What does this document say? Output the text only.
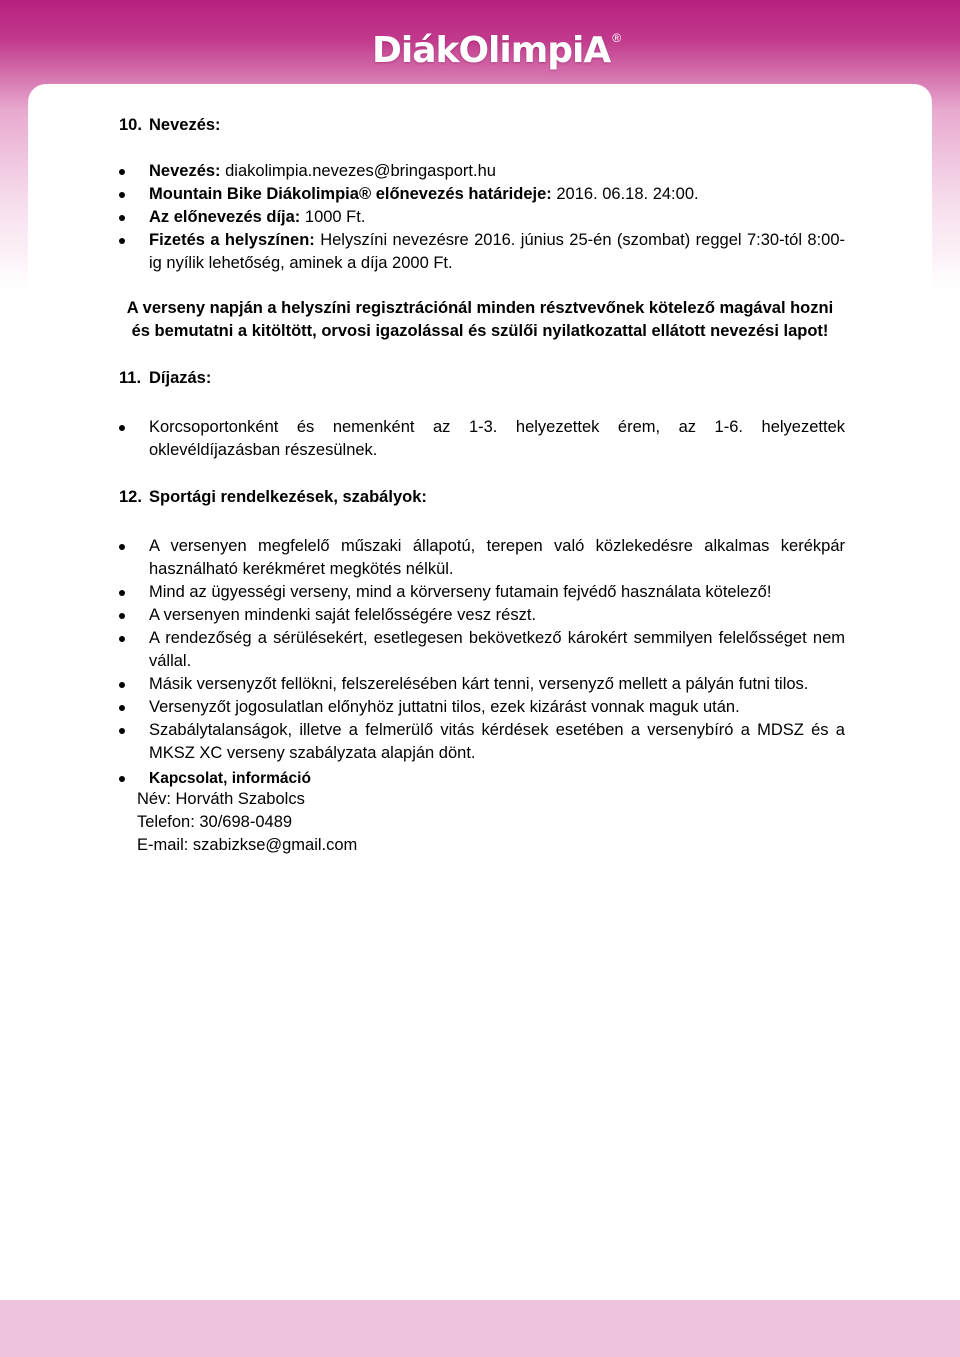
DiákOlimpiA ®
10. Nevezés:
Nevezés: diakolimpia.nevezes@bringasport.hu
Mountain Bike Diákolimpia® előnevezés határideje: 2016. 06.18. 24:00.
Az előnevezés díja: 1000 Ft.
Fizetés a helyszínen: Helyszíni nevezésre 2016. június 25-én (szombat) reggel 7:30-tól 8:00-ig nyílik lehetőség, aminek a díja 2000 Ft.
A verseny napján a helyszíni regisztrációnál minden résztvevőnek kötelező magával hozni és bemutatni a kitöltött, orvosi igazolással és szülői nyilatkozattal ellátott nevezési lapot!
11. Díjazás:
Korcsoportonként és nemenként az 1-3. helyezettek érem, az 1-6. helyezettek oklevéldíjazásban részesülnek.
12. Sportági rendelkezések, szabályok:
A versenyen megfelelő műszaki állapotú, terepen való közlekedésre alkalmas kerékpár használható kerékméret megkötés nélkül.
Mind az ügyességi verseny, mind a körverseny futamain fejvédő használata kötelező!
A versenyen mindenki saját felelősségére vesz részt.
A rendezőség a sérülésekért, esetlegesen bekövetkező károkért semmilyen felelősséget nem vállal.
Másik versenyzőt fellökni, felszerelésében kárt tenni, versenyző mellett a pályán futni tilos.
Versenyzőt jogosulatlan előnyhöz juttatni tilos, ezek kizárást vonnak maguk után.
Szabálytalanságok, illetve a felmerülő vitás kérdések esetében a versenybíró a MDSZ és a MKSZ XC verseny szabályzata alapján dönt.
Kapcsolat, információ
Név: Horváth Szabolcs
Telefon: 30/698-0489
E-mail: szabizkse@gmail.com
